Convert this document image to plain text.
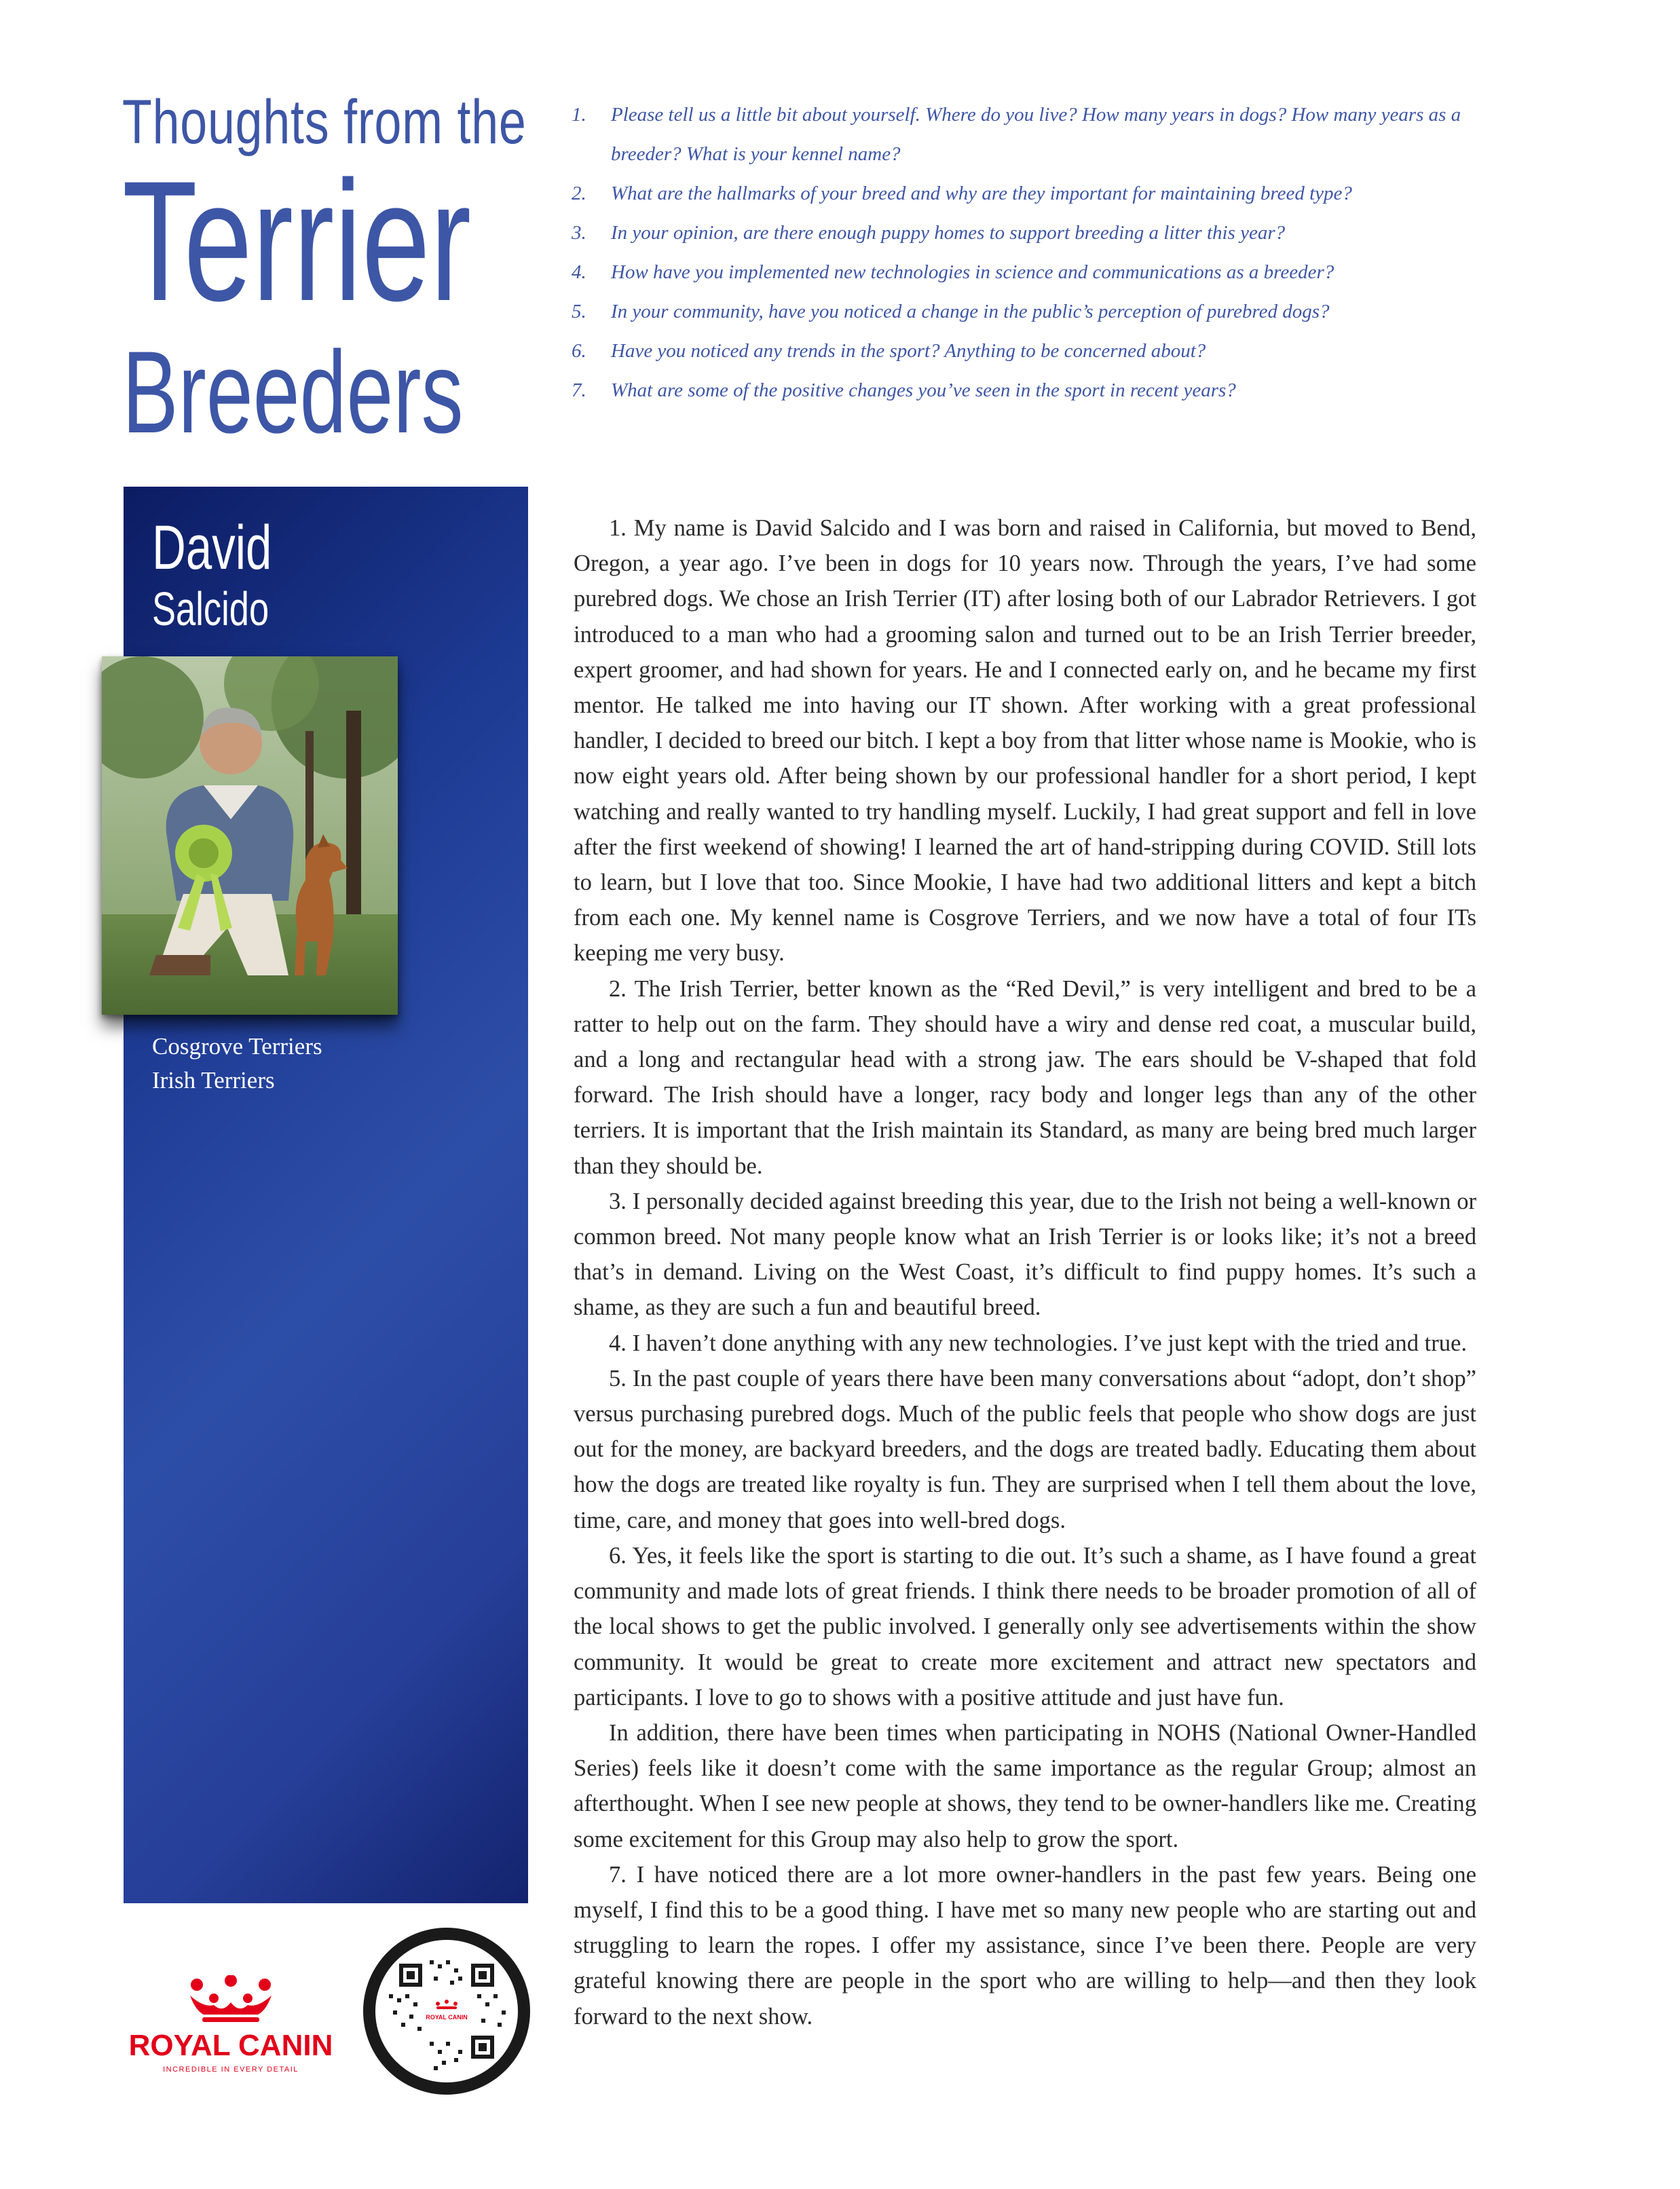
Thoughts from the
Terrier
Breeders
1.	Please tell us a little bit about yourself. Where do you live? How many years in dogs? How many years as a breeder? What is your kennel name?
2.	What are the hallmarks of your breed and why are they important for maintaining breed type?
3.	In your opinion, are there enough puppy homes to support breeding a litter this year?
4.	How have you implemented new technologies in science and communications as a breeder?
5.	In your community, have you noticed a change in the public’s perception of purebred dogs?
6.	Have you noticed any trends in the sport? Anything to be concerned about?
7.	What are some of the positive changes you’ve seen in the sport in recent years?
David
Salcido
Cosgrove Terriers
Irish Terriers

1. My name is David Salcido and I was born and raised in California, but moved to Bend, Oregon, a year ago. I’ve been in dogs for 10 years now. Through the years, I’ve had some purebred dogs. We chose an Irish Terrier (IT) after losing both of our Labrador Retrievers. I got introduced to a man who had a grooming salon and turned out to be an Irish Terrier breeder, expert groomer, and had shown for years. He and I connected early on, and he became my first mentor. He talked me into having our IT shown. After working with a great professional handler, I decided to breed our bitch. I kept a boy from that litter whose name is Mookie, who is now eight years old. After being shown by our professional handler for a short period, I kept watching and really wanted to try handling myself. Luckily, I had great support and fell in love after the first weekend of showing! I learned the art of hand-stripping during COVID. Still lots to learn, but I love that too. Since Mookie, I have had two additional litters and kept a bitch from each one. My kennel name is Cosgrove Terriers, and we now have a total of four ITs keeping me very busy.

2. The Irish Terrier, better known as the “Red Devil,” is very intelligent and bred to be a ratter to help out on the farm. They should have a wiry and dense red coat, a muscular build, and a long and rectangular head with a strong jaw. The ears should be V-shaped that fold forward. The Irish should have a longer, racy body and longer legs than any of the other terriers. It is important that the Irish maintain its Standard, as many are being bred much larger than they should be.

3. I personally decided against breeding this year, due to the Irish not being a well-known or common breed. Not many people know what an Irish Terrier is or looks like; it’s not a breed that’s in demand. Living on the West Coast, it’s difficult to find puppy homes. It’s such a shame, as they are such a fun and beautiful breed.

4. I haven’t done anything with any new technologies. I’ve just kept with the tried and true.

5. In the past couple of years there have been many conversations about “adopt, don’t shop” versus purchasing purebred dogs. Much of the public feels that people who show dogs are just out for the money, are backyard breeders, and the dogs are treated badly. Educating them about how the dogs are treated like royalty is fun. They are surprised when I tell them about the love, time, care, and money that goes into well-bred dogs.

6. Yes, it feels like the sport is starting to die out. It’s such a shame, as I have found a great community and made lots of great friends. I think there needs to be broader promotion of all of the local shows to get the public involved. I generally only see advertisements within the show community. It would be great to create more excitement and attract new spectators and participants. I love to go to shows with a positive attitude and just have fun.

In addition, there have been times when participating in NOHS (National Owner-Handled Series) feels like it doesn’t come with the same importance as the regular Group; almost an afterthought. When I see new people at shows, they tend to be owner-handlers like me. Creating some excitement for this Group may also help to grow the sport.

7. I have noticed there are a lot more owner-handlers in the past few years. Being one myself, I find this to be a good thing. I have met so many new people who are starting out and struggling to learn the ropes. I offer my assistance, since I’ve been there. People are very grateful knowing there are people in the sport who are willing to help—and then they look forward to the next show.

ROYAL CANIN
INCREDIBLE IN EVERY DETAIL
ROYAL CANIN
